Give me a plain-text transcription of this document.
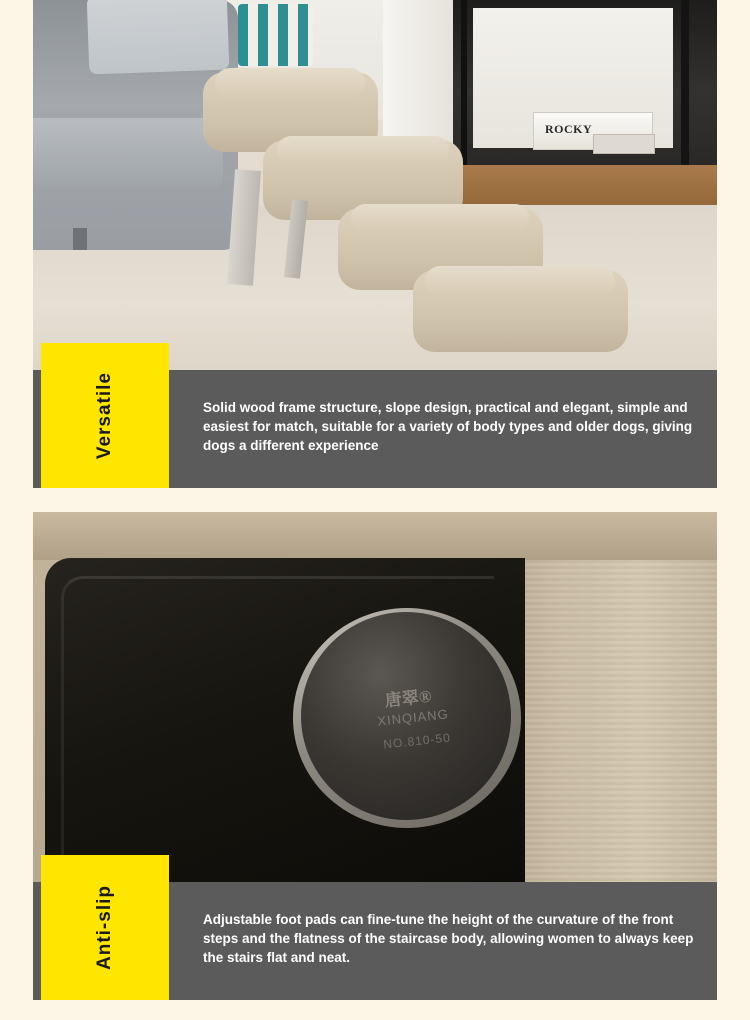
ROCKY
Solid wood frame structure, slope design, practical and elegant, simple and easiest for match, suitable for a variety of body types and older dogs, giving dogs a different experience
Versatile
唐翠®
XINQIANG
NO.810-50
Adjustable foot pads can fine-tune the height of the curvature of the front steps and the flatness of the staircase body, allowing women to always keep the stairs flat and neat.
Anti-slip
